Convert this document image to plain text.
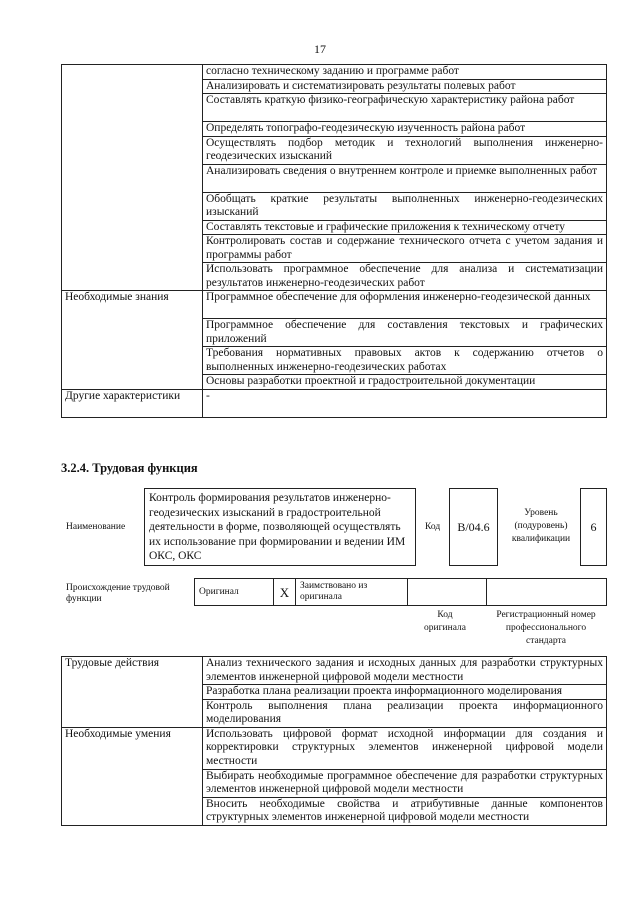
17
	согласно техническому заданию и программе работ
	Анализировать и систематизировать результаты полевых работ
	Составлять краткую физико-географическую характеристику района работ
	Определять топографо-геодезическую изученность района работ
	Осуществлять подбор методик и технологий выполнения инженерно-геодезических изысканий
	Анализировать сведения о внутреннем контроле и приемке выполненных работ
	Обобщать краткие результаты выполненных инженерно-геодезических изысканий
	Составлять текстовые и графические приложения к техническому отчету
	Контролировать состав и содержание технического отчета с учетом задания и программы работ
	Использовать программное обеспечение для анализа и систематизации результатов инженерно-геодезических работ
Необходимые знания	Программное обеспечение для оформления инженерно-геодезической данных
	Программное обеспечение для составления текстовых и графических приложений
	Требования нормативных правовых актов к содержанию отчетов о выполненных инженерно-геодезических работах
	Основы разработки проектной и градостроительной документации
Другие характеристики	-
3.2.4. Трудовая функция
Наименование
Контроль формирования результатов инженерно-геодезических изысканий в градостроительной деятельности в форме, позволяющей осуществлять их использование при формировании и ведении ИМ ОКС, ОКС
Код	B/04.6
Уровень (подуровень) квалификации
6
Происхождение трудовой функции
Оригинал	X	Заимствовано из оригинала		
Код оригинала
Регистрационный номер профессионального стандарта
Трудовые действия	Анализ технического задания и исходных данных для разработки структурных элементов инженерной цифровой модели местности
	Разработка плана реализации проекта информационного моделирования
	Контроль выполнения плана реализации проекта информационного моделирования
Необходимые умения	Использовать цифровой формат исходной информации для создания и корректировки структурных элементов инженерной цифровой модели местности
	Выбирать необходимые программное обеспечение для разработки структурных элементов инженерной цифровой модели местности
	Вносить необходимые свойства и атрибутивные данные компонентов структурных элементов инженерной цифровой модели местности
